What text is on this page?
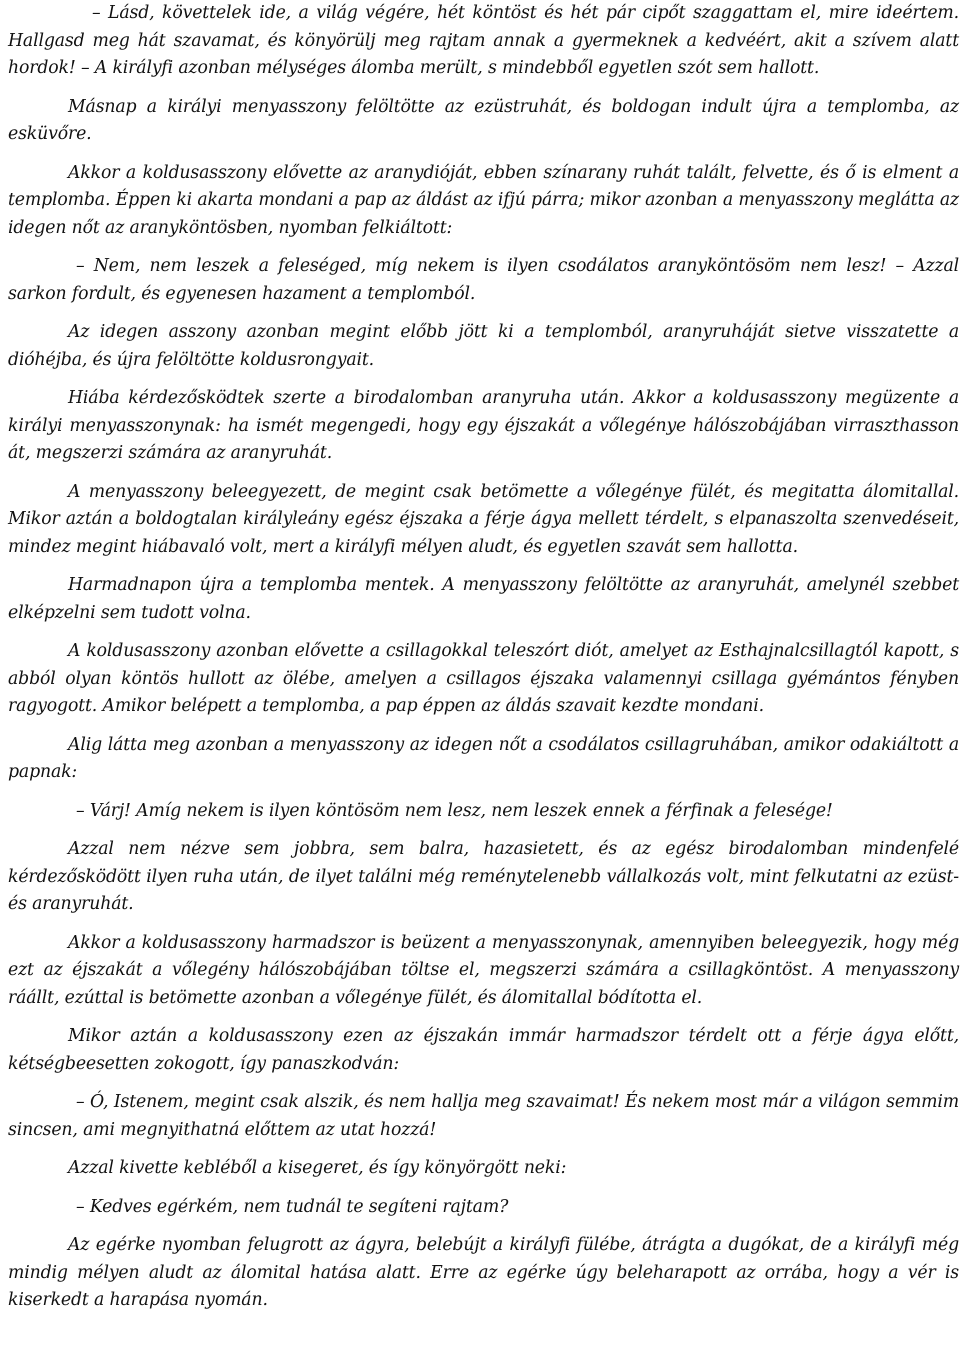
– Lásd, követtelek ide, a világ végére, hét köntöst és hét pár cipőt szaggattam el, mire ideértem. Hallgasd meg hát szavamat, és könyörülj meg rajtam annak a gyermeknek a kedvéért, akit a szívem alatt hordok! – A királyfi azonban mélységes álomba merült, s mindebből egyetlen szót sem hallott.

Másnap a királyi menyasszony felöltötte az ezüstruhát, és boldogan indult újra a templomba, az esküvőre.

Akkor a koldusasszony elővette az aranydióját, ebben színarany ruhát talált, felvette, és ő is elment a templomba. Éppen ki akarta mondani a pap az áldást az ifjú párra; mikor azonban a menyasszony meglátta az idegen nőt az aranyköntösben, nyomban felkiáltott:

– Nem, nem leszek a feleséged, míg nekem is ilyen csodálatos aranyköntösöm nem lesz! – Azzal sarkon fordult, és egyenesen hazament a templomból.

Az idegen asszony azonban megint előbb jött ki a templomból, aranyruháját sietve visszatette a dióhéjba, és újra felöltötte koldusrongyait.

Hiába kérdezősködtek szerte a birodalomban aranyruha után. Akkor a koldusasszony megüzente a királyi menyasszonynak: ha ismét megengedi, hogy egy éjszakát a vőlegénye hálószobájában virraszthasson át, megszerzi számára az aranyruhát.

A menyasszony beleegyezett, de megint csak betömette a vőlegénye fülét, és megitatta álomitallal. Mikor aztán a boldogtalan királyleány egész éjszaka a férje ágya mellett térdelt, s elpanaszolta szenvedéseit, mindez megint hiábavaló volt, mert a királyfi mélyen aludt, és egyetlen szavát sem hallotta.

Harmadnapon újra a templomba mentek. A menyasszony felöltötte az aranyruhát, amelynél szebbet elképzelni sem tudott volna.

A koldusasszony azonban elővette a csillagokkal teleszórt diót, amelyet az Esthajnalcsillagtól kapott, s abból olyan köntös hullott az ölébe, amelyen a csillagos éjszaka valamennyi csillaga gyémántos fényben ragyogott. Amikor belépett a templomba, a pap éppen az áldás szavait kezdte mondani.

Alig látta meg azonban a menyasszony az idegen nőt a csodálatos csillagruhában, amikor odakiáltott a papnak:

– Várj! Amíg nekem is ilyen köntösöm nem lesz, nem leszek ennek a férfinak a felesége!

Azzal nem nézve sem jobbra, sem balra, hazasietett, és az egész birodalomban mindenfelé kérdezősködött ilyen ruha után, de ilyet találni még reménytelenebb vállalkozás volt, mint felkutatni az ezüst- és aranyruhát.

Akkor a koldusasszony harmadszor is beüzent a menyasszonynak, amennyiben beleegyezik, hogy még ezt az éjszakát a vőlegény hálószobájában töltse el, megszerzi számára a csillagköntöst. A menyasszony ráállt, ezúttal is betömette azonban a vőlegénye fülét, és álomitallal bódította el.

Mikor aztán a koldusasszony ezen az éjszakán immár harmadszor térdelt ott a férje ágya előtt, kétségbeesetten zokogott, így panaszkodván:

– Ó, Istenem, megint csak alszik, és nem hallja meg szavaimat! És nekem most már a világon semmim sincsen, ami megnyithatná előttem az utat hozzá!

Azzal kivette kebléből a kisegeret, és így könyörgött neki:

– Kedves egérkém, nem tudnál te segíteni rajtam?

Az egérke nyomban felugrott az ágyra, belebújt a királyfi fülébe, átrágta a dugókat, de a királyfi még mindig mélyen aludt az álomital hatása alatt. Erre az egérke úgy beleharapott az orrába, hogy a vér is kiserkedt a harapása nyomán.
